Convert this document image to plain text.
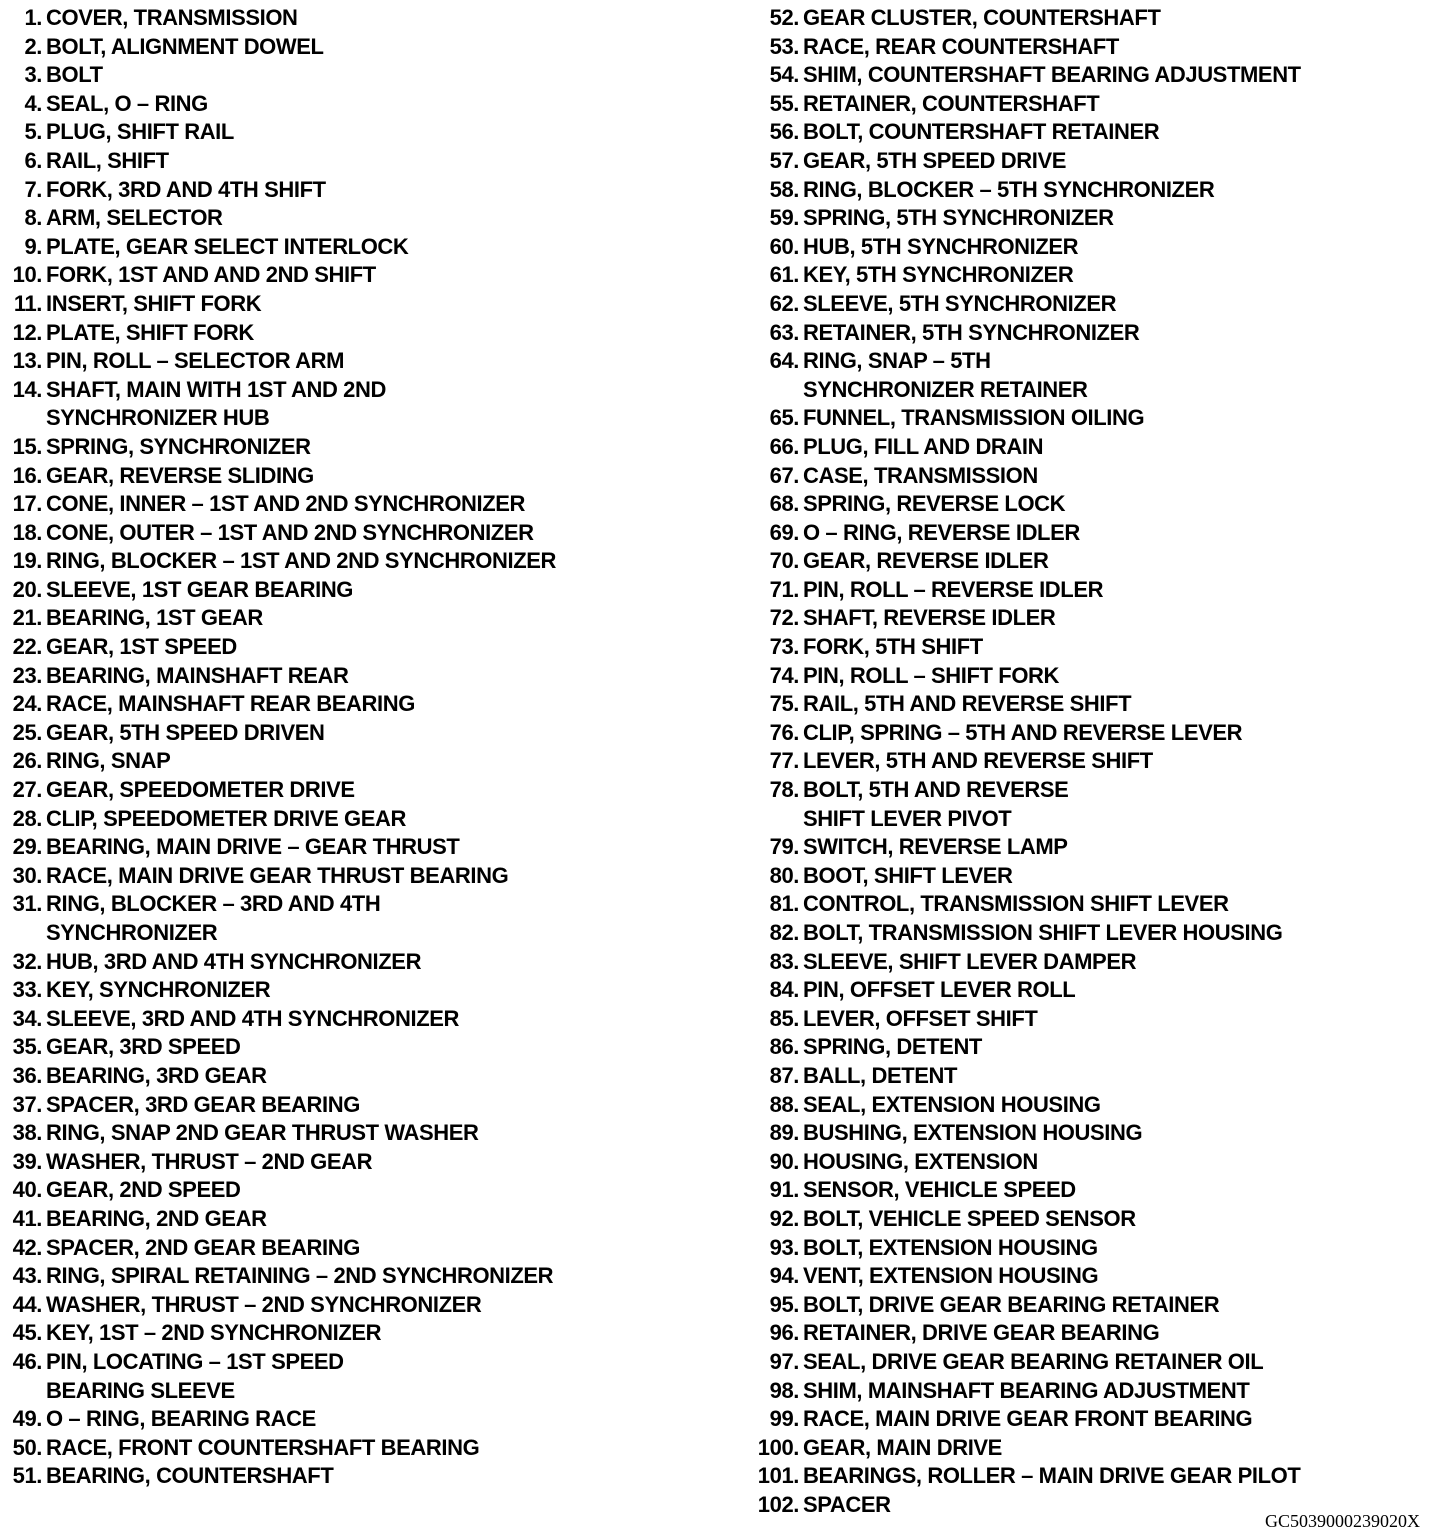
1. COVER, TRANSMISSION
2. BOLT, ALIGNMENT DOWEL
3. BOLT
4. SEAL, O – RING
5. PLUG, SHIFT RAIL
6. RAIL, SHIFT
7. FORK, 3RD AND 4TH SHIFT
8. ARM, SELECTOR
9. PLATE, GEAR SELECT INTERLOCK
10. FORK, 1ST AND AND 2ND SHIFT
11. INSERT, SHIFT FORK
12. PLATE, SHIFT FORK
13. PIN, ROLL – SELECTOR ARM
14. SHAFT, MAIN WITH 1ST AND 2ND
SYNCHRONIZER HUB
15. SPRING, SYNCHRONIZER
16. GEAR, REVERSE SLIDING
17. CONE, INNER – 1ST AND 2ND SYNCHRONIZER
18. CONE, OUTER – 1ST AND 2ND SYNCHRONIZER
19. RING, BLOCKER – 1ST AND 2ND SYNCHRONIZER
20. SLEEVE, 1ST GEAR BEARING
21. BEARING, 1ST GEAR
22. GEAR, 1ST SPEED
23. BEARING, MAINSHAFT REAR
24. RACE, MAINSHAFT REAR BEARING
25. GEAR, 5TH SPEED DRIVEN
26. RING, SNAP
27. GEAR, SPEEDOMETER DRIVE
28. CLIP, SPEEDOMETER DRIVE GEAR
29. BEARING, MAIN DRIVE – GEAR THRUST
30. RACE, MAIN DRIVE GEAR THRUST BEARING
31. RING, BLOCKER – 3RD AND 4TH
SYNCHRONIZER
32. HUB, 3RD AND 4TH SYNCHRONIZER
33. KEY, SYNCHRONIZER
34. SLEEVE, 3RD AND 4TH SYNCHRONIZER
35. GEAR, 3RD SPEED
36. BEARING, 3RD GEAR
37. SPACER, 3RD GEAR BEARING
38. RING, SNAP 2ND GEAR THRUST WASHER
39. WASHER, THRUST – 2ND GEAR
40. GEAR, 2ND SPEED
41. BEARING, 2ND GEAR
42. SPACER, 2ND GEAR BEARING
43. RING, SPIRAL RETAINING – 2ND SYNCHRONIZER
44. WASHER, THRUST – 2ND SYNCHRONIZER
45. KEY, 1ST – 2ND SYNCHRONIZER
46. PIN, LOCATING – 1ST SPEED
BEARING SLEEVE
49. O – RING, BEARING RACE
50. RACE, FRONT COUNTERSHAFT BEARING
51. BEARING, COUNTERSHAFT
52. GEAR CLUSTER, COUNTERSHAFT
53. RACE, REAR COUNTERSHAFT
54. SHIM, COUNTERSHAFT BEARING ADJUSTMENT
55. RETAINER, COUNTERSHAFT
56. BOLT, COUNTERSHAFT RETAINER
57. GEAR, 5TH SPEED DRIVE
58. RING, BLOCKER – 5TH SYNCHRONIZER
59. SPRING, 5TH SYNCHRONIZER
60. HUB, 5TH SYNCHRONIZER
61. KEY, 5TH SYNCHRONIZER
62. SLEEVE, 5TH SYNCHRONIZER
63. RETAINER, 5TH SYNCHRONIZER
64. RING, SNAP – 5TH
SYNCHRONIZER RETAINER
65. FUNNEL, TRANSMISSION OILING
66. PLUG, FILL AND DRAIN
67. CASE, TRANSMISSION
68. SPRING, REVERSE LOCK
69. O – RING, REVERSE IDLER
70. GEAR, REVERSE IDLER
71. PIN, ROLL – REVERSE IDLER
72. SHAFT, REVERSE IDLER
73. FORK, 5TH SHIFT
74. PIN, ROLL – SHIFT FORK
75. RAIL, 5TH AND REVERSE SHIFT
76. CLIP, SPRING – 5TH AND REVERSE LEVER
77. LEVER, 5TH AND REVERSE SHIFT
78. BOLT, 5TH AND REVERSE
SHIFT LEVER PIVOT
79. SWITCH, REVERSE LAMP
80. BOOT, SHIFT LEVER
81. CONTROL, TRANSMISSION SHIFT LEVER
82. BOLT, TRANSMISSION SHIFT LEVER HOUSING
83. SLEEVE, SHIFT LEVER DAMPER
84. PIN, OFFSET LEVER ROLL
85. LEVER, OFFSET SHIFT
86. SPRING, DETENT
87. BALL, DETENT
88. SEAL, EXTENSION HOUSING
89. BUSHING, EXTENSION HOUSING
90. HOUSING, EXTENSION
91. SENSOR, VEHICLE SPEED
92. BOLT, VEHICLE SPEED SENSOR
93. BOLT, EXTENSION HOUSING
94. VENT, EXTENSION HOUSING
95. BOLT, DRIVE GEAR BEARING RETAINER
96. RETAINER, DRIVE GEAR BEARING
97. SEAL, DRIVE GEAR BEARING RETAINER OIL
98. SHIM, MAINSHAFT BEARING ADJUSTMENT
99. RACE, MAIN DRIVE GEAR FRONT BEARING
100. GEAR, MAIN DRIVE
101. BEARINGS, ROLLER – MAIN DRIVE GEAR PILOT
102. SPACER
GC5039000239020X
